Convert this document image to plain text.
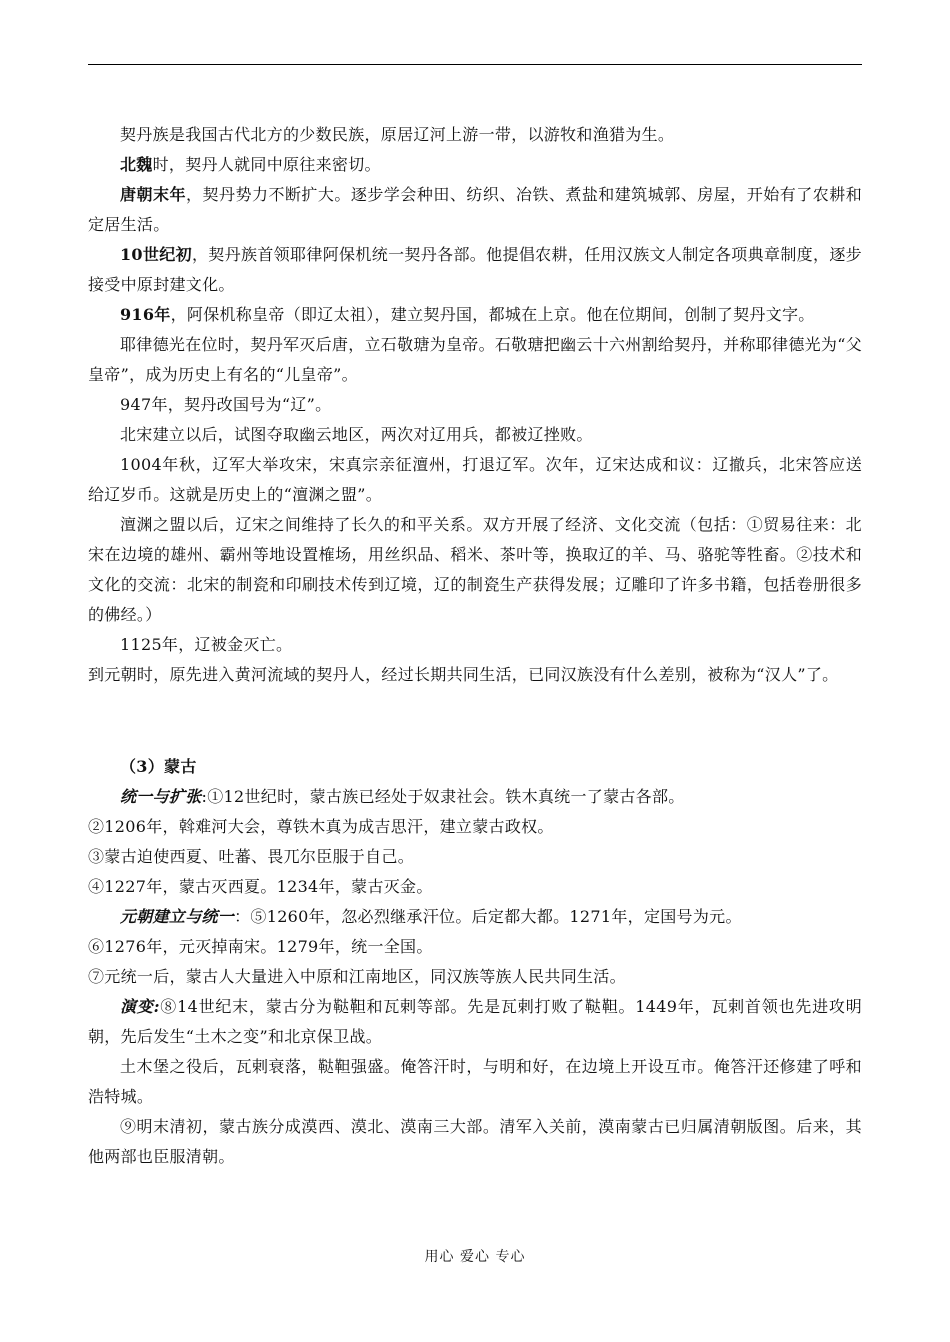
契丹族是我国古代北方的少数民族，原居辽河上游一带，以游牧和渔猎为生。

北魏时，契丹人就同中原往来密切。

唐朝末年，契丹势力不断扩大。逐步学会种田、纺织、冶铁、煮盐和建筑城郭、房屋，开始有了农耕和定居生活。

10世纪初，契丹族首领耶律阿保机统一契丹各部。他提倡农耕，任用汉族文人制定各项典章制度，逐步接受中原封建文化。

916年，阿保机称皇帝（即辽太祖），建立契丹国，都城在上京。他在位期间，创制了契丹文字。

耶律德光在位时，契丹军灭后唐，立石敬瑭为皇帝。石敬瑭把幽云十六州割给契丹，并称耶律德光为“父皇帝”，成为历史上有名的“儿皇帝”。

947年，契丹改国号为“辽”。

北宋建立以后，试图夺取幽云地区，两次对辽用兵，都被辽挫败。

1004年秋，辽军大举攻宋，宋真宗亲征澶州，打退辽军。次年，辽宋达成和议：辽撤兵，北宋答应送给辽岁币。这就是历史上的“澶渊之盟”。

澶渊之盟以后，辽宋之间维持了长久的和平关系。双方开展了经济、文化交流（包括：①贸易往来：北宋在边境的雄州、霸州等地设置榷场，用丝织品、稻米、茶叶等，换取辽的羊、马、骆驼等牲畜。②技术和文化的交流：北宋的制瓷和印刷技术传到辽境，辽的制瓷生产获得发展；辽雕印了许多书籍，包括卷册很多的佛经。）

1125年，辽被金灭亡。

到元朝时，原先进入黄河流域的契丹人，经过长期共同生活，已同汉族没有什么差别，被称为“汉人”了。

（3）蒙古

统一与扩张:①12世纪时，蒙古族已经处于奴隶社会。铁木真统一了蒙古各部。

②1206年，斡难河大会，尊铁木真为成吉思汗，建立蒙古政权。

③蒙古迫使西夏、吐蕃、畏兀尔臣服于自己。

④1227年，蒙古灭西夏。1234年，蒙古灭金。

元朝建立与统一：⑤1260年，忽必烈继承汗位。后定都大都。1271年，定国号为元。

⑥1276年，元灭掉南宋。1279年，统一全国。

⑦元统一后，蒙古人大量进入中原和江南地区，同汉族等族人民共同生活。

演变:⑧14世纪末，蒙古分为鞑靼和瓦剌等部。先是瓦剌打败了鞑靼。1449年，瓦剌首领也先进攻明朝，先后发生“土木之变”和北京保卫战。

土木堡之役后，瓦剌衰落，鞑靼强盛。俺答汗时，与明和好，在边境上开设互市。俺答汗还修建了呼和浩特城。

⑨明末清初，蒙古族分成漠西、漠北、漠南三大部。清军入关前，漠南蒙古已归属清朝版图。后来，其他两部也臣服清朝。

用心 爱心 专心
